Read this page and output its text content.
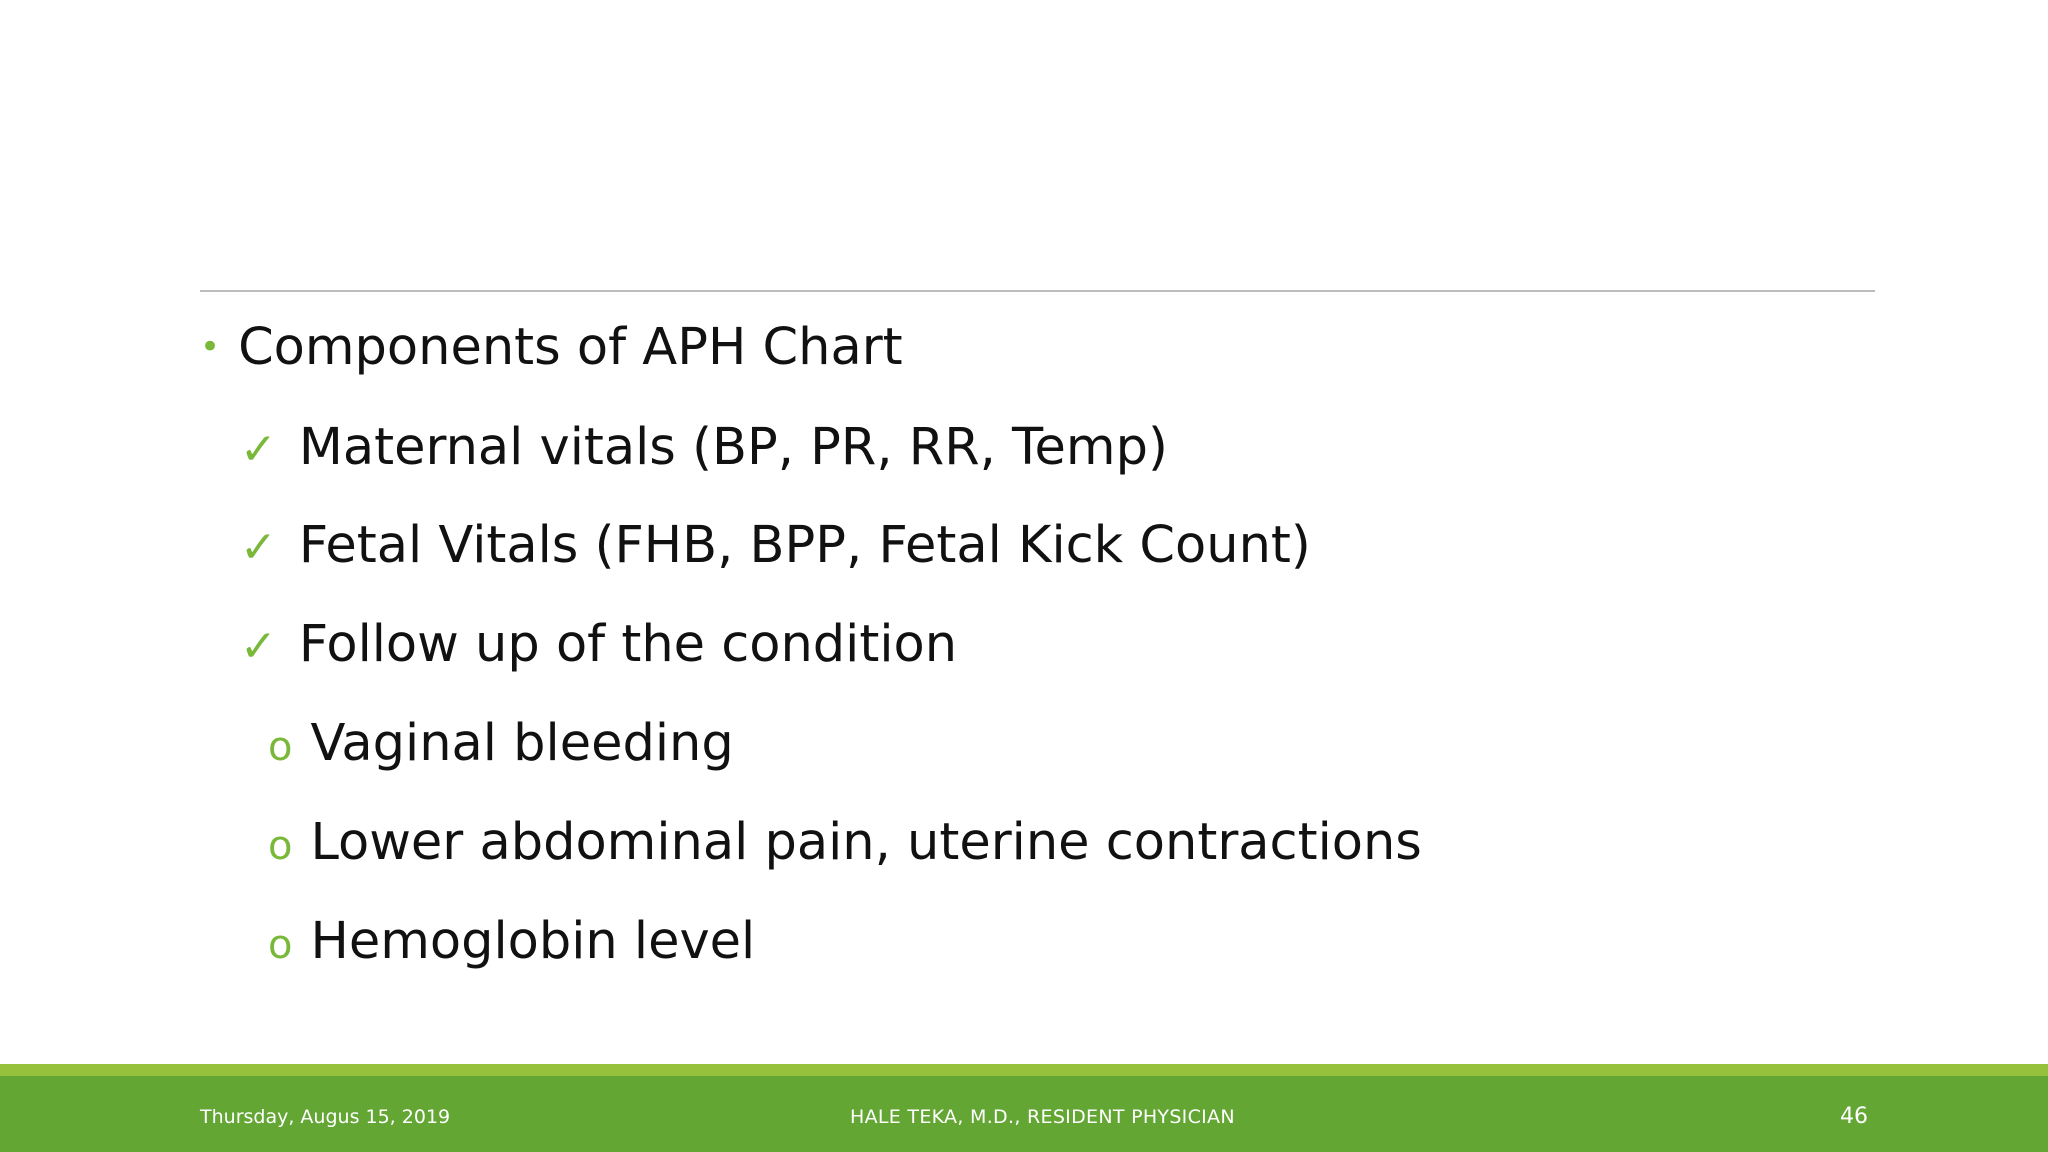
• Components of APH Chart
✓ Maternal vitals (BP, PR, RR, Temp)
✓ Fetal Vitals (FHB, BPP, Fetal Kick Count)
✓ Follow up of the condition
o Vaginal bleeding
o Lower abdominal pain, uterine contractions
o Hemoglobin level
Thursday, Augus 15, 2019	HALE TEKA, M.D., RESIDENT PHYSICIAN	46
